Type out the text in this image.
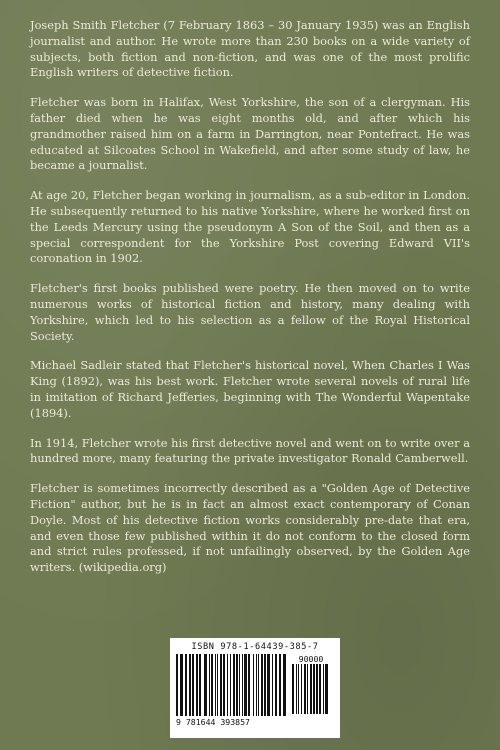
Joseph Smith Fletcher (7 February 1863 – 30 January 1935) was an English journalist and author. He wrote more than 230 books on a wide variety of subjects, both fiction and non-fiction, and was one of the most prolific English writers of detective fiction.

Fletcher was born in Halifax, West Yorkshire, the son of a clergyman. His father died when he was eight months old, and after which his grandmother raised him on a farm in Darrington, near Pontefract. He was educated at Silcoates School in Wakefield, and after some study of law, he became a journalist.

At age 20, Fletcher began working in journalism, as a sub-editor in London. He subsequently returned to his native Yorkshire, where he worked first on the Leeds Mercury using the pseudonym A Son of the Soil, and then as a special correspondent for the Yorkshire Post covering Edward VII's coronation in 1902.

Fletcher's first books published were poetry. He then moved on to write numerous works of historical fiction and history, many dealing with Yorkshire, which led to his selection as a fellow of the Royal Historical Society.

Michael Sadleir stated that Fletcher's historical novel, When Charles I Was King (1892), was his best work. Fletcher wrote several novels of rural life in imitation of Richard Jefferies, beginning with The Wonderful Wapentake (1894).

In 1914, Fletcher wrote his first detective novel and went on to write over a hundred more, many featuring the private investigator Ronald Camberwell.

Fletcher is sometimes incorrectly described as a "Golden Age of Detective Fiction" author, but he is in fact an almost exact contemporary of Conan Doyle. Most of his detective fiction works considerably pre-date that era, and even those few published within it do not conform to the closed form and strict rules professed, if not unfailingly observed, by the Golden Age writers. (wikipedia.org)

ISBN 978-1-64439-385-7
90000
9 781644 393857
